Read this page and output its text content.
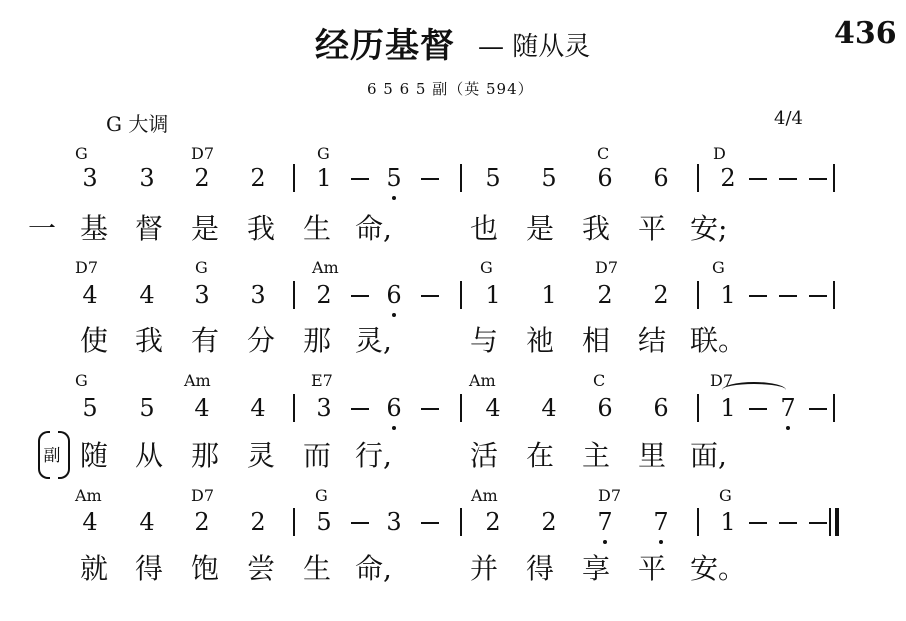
经历基督 — 随从灵	436
6 5 6 5 副（英 594）
G 大调	4/4
G	D7	G	C	D
3 3 2 2 1 5	5 5 6 6 2
一 基 督 是 我 生 命,	也 是 我 平 安;
D7	G	Am	G	D7	G
4 4 3 3 2 6	1 1 2 2 1
使 我 有 分 那 灵,	与 祂 相 结 联。
G	Am	E7	Am	C	D7
5 5 4 4 3 6	4 4 6 6 1 7
随 从 那 灵 而 行,	活 在 主 里 面,
Am	D7	G	Am	D7	G
4 4 2 2 5 3	2 2 7 7 1
就 得 饱 尝 生 命,	并 得 享 平 安。
副
